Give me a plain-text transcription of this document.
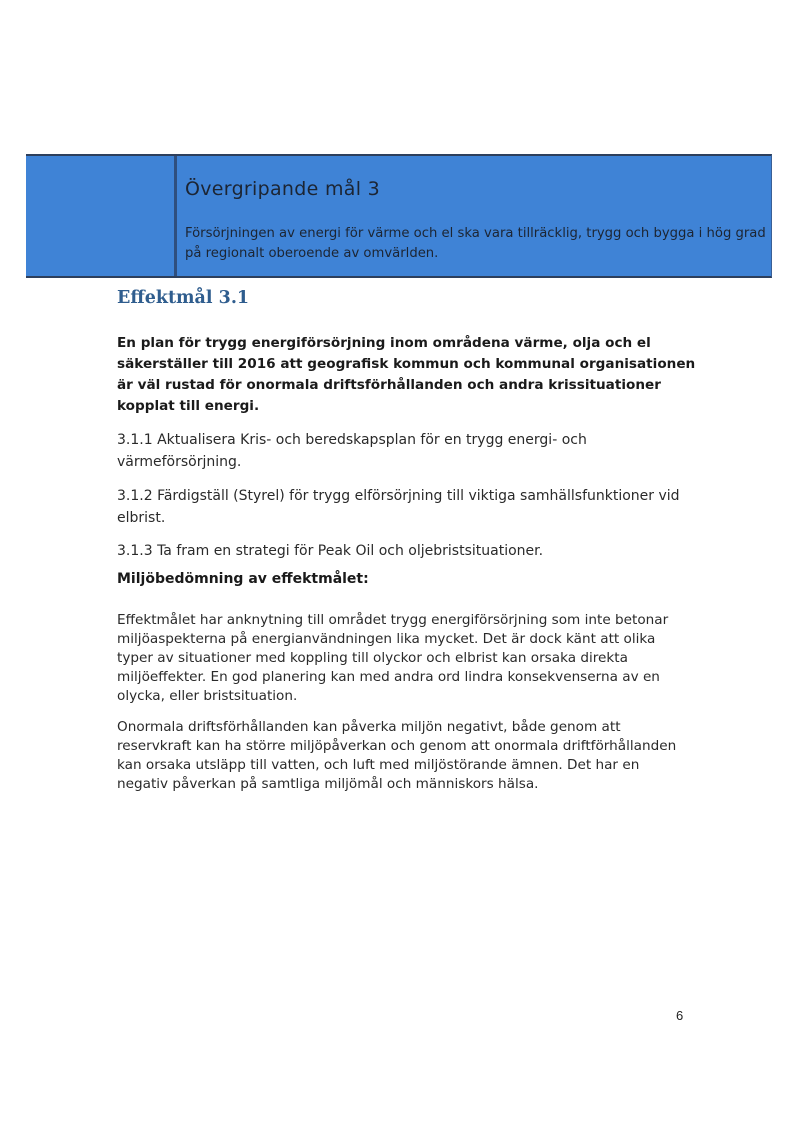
Övergripande mål 3
Försörjningen av energi för värme och el ska vara tillräcklig, trygg och bygga i hög grad på regionalt oberoende av omvärlden.
Effektmål 3.1
En plan för trygg energiförsörjning inom områdena värme, olja och el säkerställer till 2016 att geografisk kommun och kommunal organisationen är väl rustad för onormala driftsförhållanden och andra krissituationer kopplat till energi.
3.1.1 Aktualisera Kris- och beredskapsplan för en trygg energi- och värmeförsörjning.
3.1.2 Färdigställ (Styrel) för trygg elförsörjning till viktiga samhällsfunktioner vid elbrist.
3.1.3 Ta fram en strategi för Peak Oil och oljebristsituationer.
Miljöbedömning av effektmålet:
Effektmålet har anknytning till området trygg energiförsörjning som inte betonar miljöaspekterna på energianvändningen lika mycket. Det är dock känt att olika typer av situationer med koppling till olyckor och elbrist kan orsaka direkta miljöeffekter. En god planering kan med andra ord lindra konsekvenserna av en olycka, eller bristsituation.
Onormala driftsförhållanden kan påverka miljön negativt, både genom att reservkraft kan ha större miljöpåverkan och genom att onormala driftförhållanden kan orsaka utsläpp till vatten, och luft med miljöstörande ämnen. Det har en negativ påverkan på samtliga miljömål och människors hälsa.
6
